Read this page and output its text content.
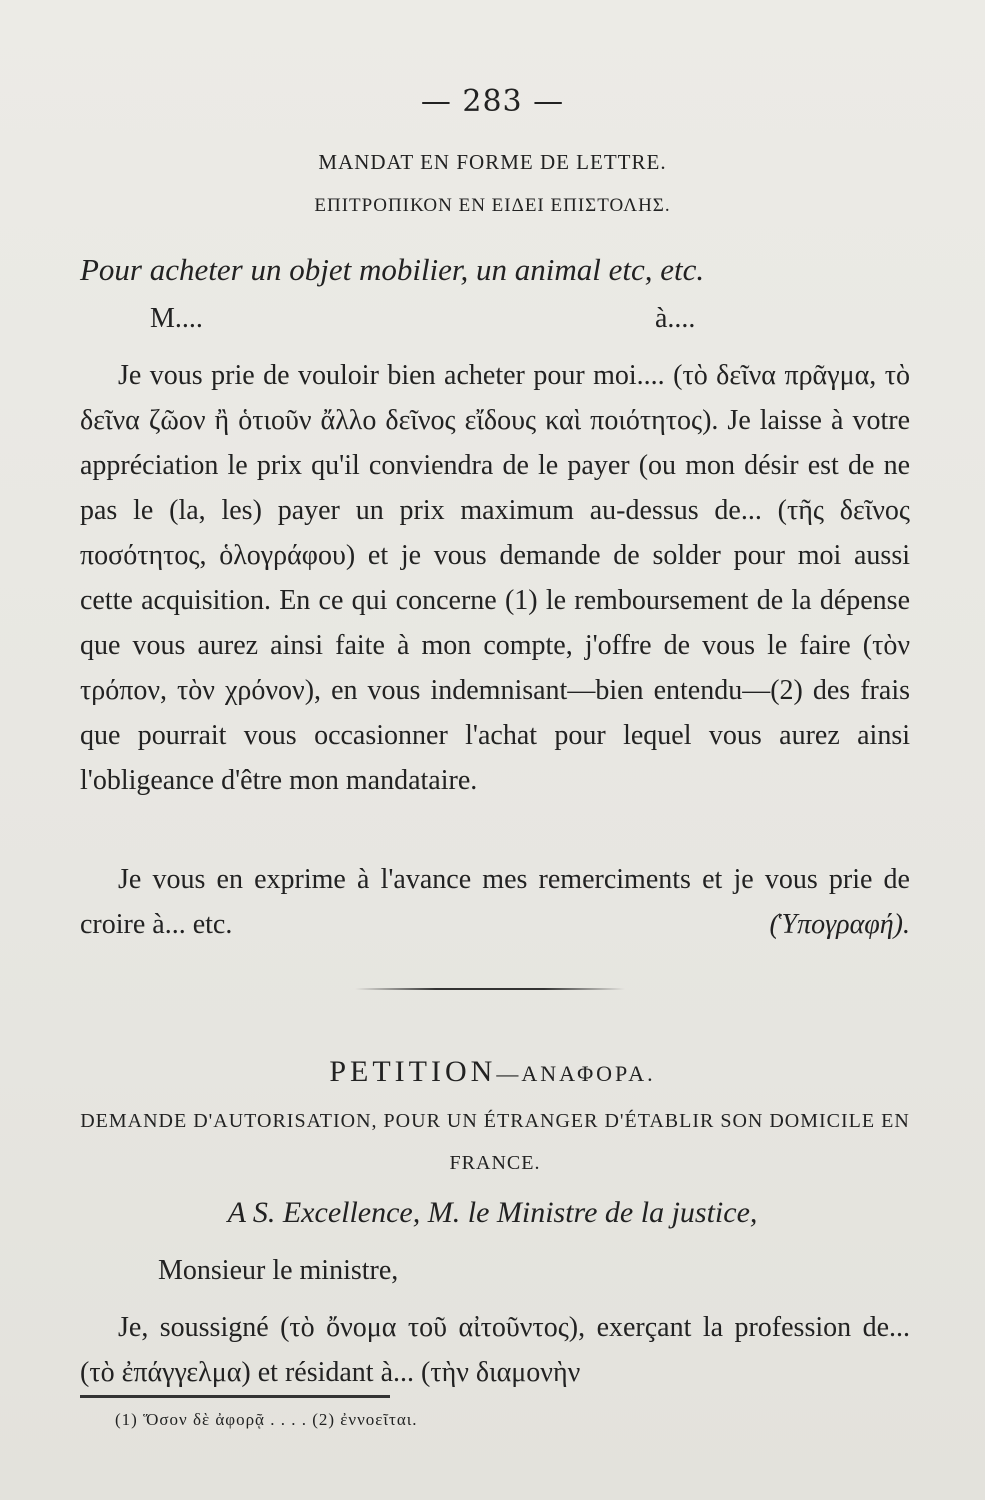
— 283 —
MANDAT EN FORME DE LETTRE.
ΕΠΙΤΡΟΠΙΚΟΝ ΕΝ ΕΙΔΕΙ ΕΠΙΣΤΟΛΗΣ.
Pour acheter un objet mobilier, un animal etc, etc.
M....	à....
Je vous prie de vouloir bien acheter pour moi.... (τὸ δεῖνα πρᾶγμα, τὸ δεῖνα ζῶον ἢ ὁτιοῦν ἄλλο δεῖνος εἴδους καὶ ποιότητος). Je laisse à votre appréciation le prix qu'il conviendra de le payer (ou mon désir est de ne pas le (la, les) payer un prix maximum au-dessus de... (τῆς δεῖνος ποσότητος, ὁλογράφου) et je vous demande de solder pour moi aussi cette acquisition. En ce qui concerne (1) le remboursement de la dépense que vous aurez ainsi faite à mon compte, j'offre de vous le faire (τὸν τρόπον, τὸν χρόνον), en vous indemnisant—bien entendu—(2) des frais que pourrait vous occasionner l'achat pour lequel vous aurez ainsi l'obligeance d'être mon mandataire.
Je vous en exprime à l'avance mes remerciments et je vous prie de croire à... etc.	(Ὑπογραφή).
PETITION—ΑΝΑΦΟΡΑ.
DEMANDE D'AUTORISATION, POUR UN ÉTRANGER D'ÉTABLIR SON DOMICILE EN FRANCE.
A S. Excellence, M. le Ministre de la justice,
Monsieur le ministre,
Je, soussigné (τὸ ὄνομα τοῦ αἰτοῦντος), exerçant la profession de... (τὸ ἐπάγγελμα) et résidant à... (τὴν διαμονὴν
(1) Ὅσον δὲ ἀφορᾷ . . . . (2) ἐννοεῖται.
